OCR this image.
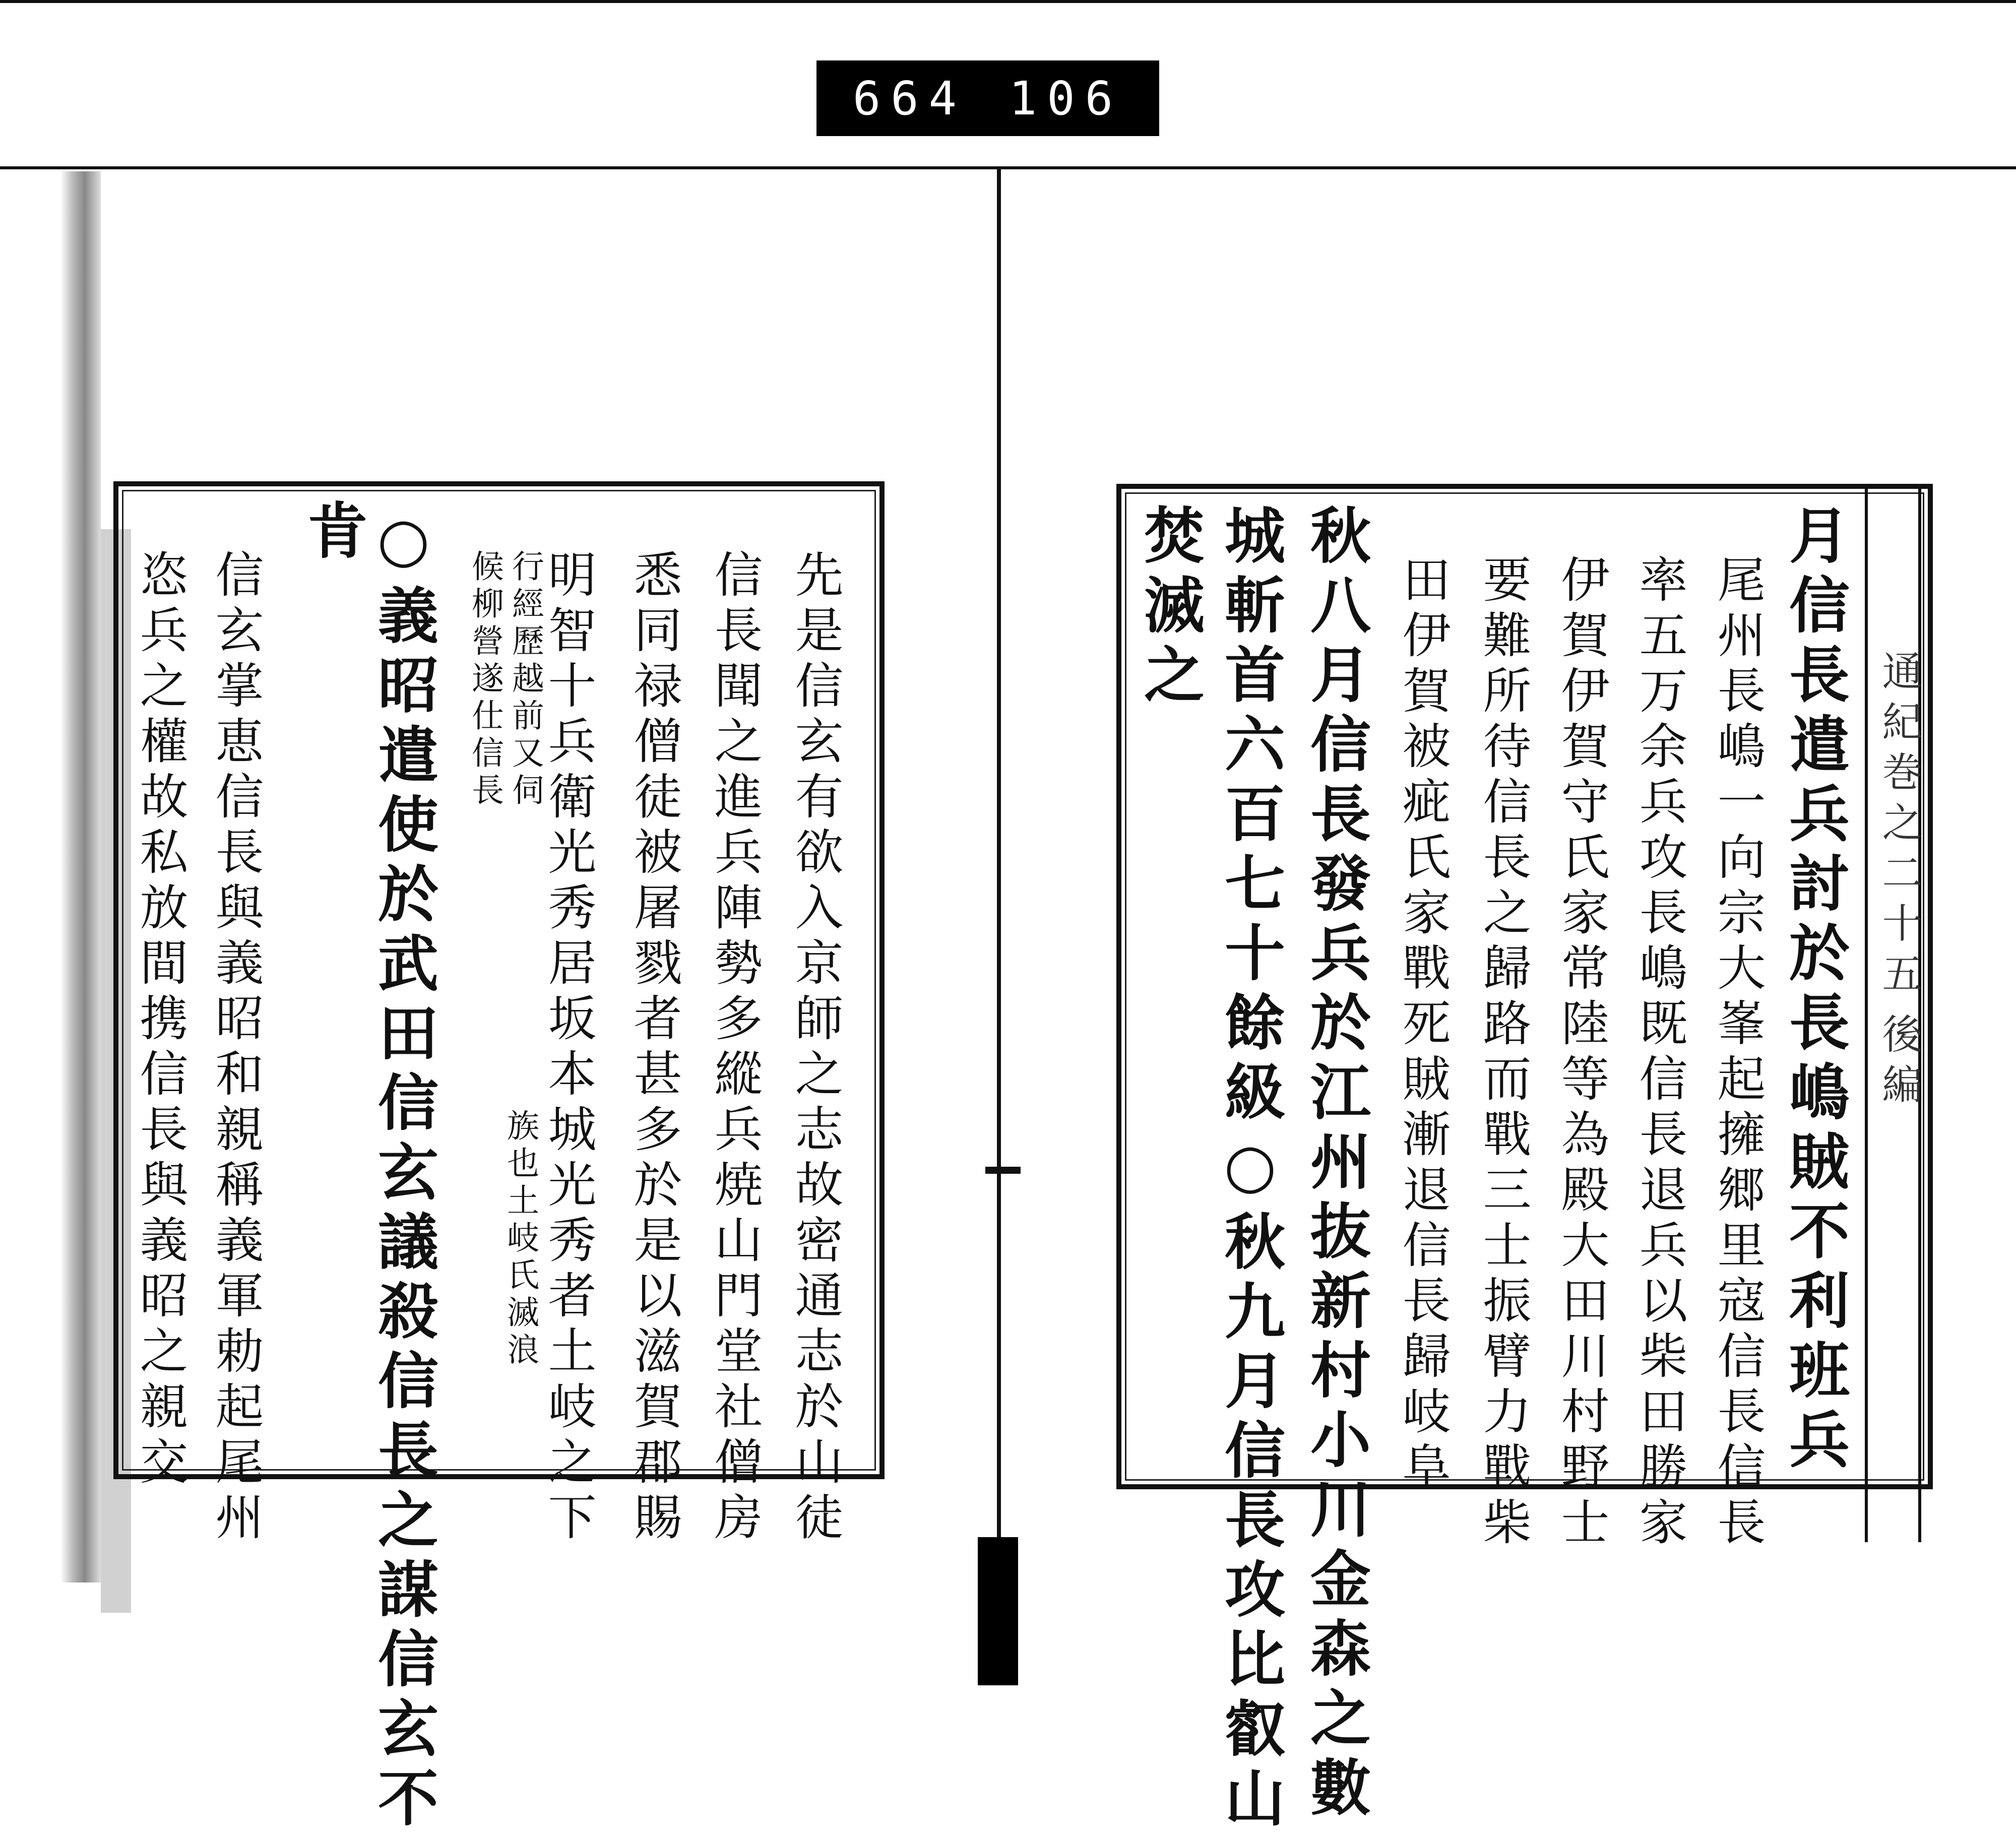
664 106
肯 ○義昭遣使於武田信玄議殺信長之謀信玄不
信玄掌恵信長與義昭和親稱義軍勅起尾州
恣兵之權故私放間携信長與義昭之親交	明智十兵衛光秀居坂本城光秀者土岐之下
族也土岐氏滅浪
行經歷越前又伺
候柳營遂仕信長	悉同禄僧徒被屠戮者甚多於是以滋賀郡賜 信長聞之進兵陣勢多縱兵焼山門堂社僧房 先是信玄有欲入京師之志故密通志於山徒	通紀巻之二十五
後編
月信長遣兵討於長嶋賊不利班兵
尾州長嶋一向宗大峯起擁郷里寇信長信長
率五万余兵攻長嶋既信長退兵以柴田勝家
伊賀伊賀守氏家常陸等為殿大田川村野士
要難所待信長之歸路而戰三士振臂力戰柴
田伊賀被疵氏家戰死賊漸退信長歸岐阜
秋八月信長發兵於江州抜新村小川金森之數
城斬首六百七十餘級○秋九月信長攻比叡山
焚滅之
